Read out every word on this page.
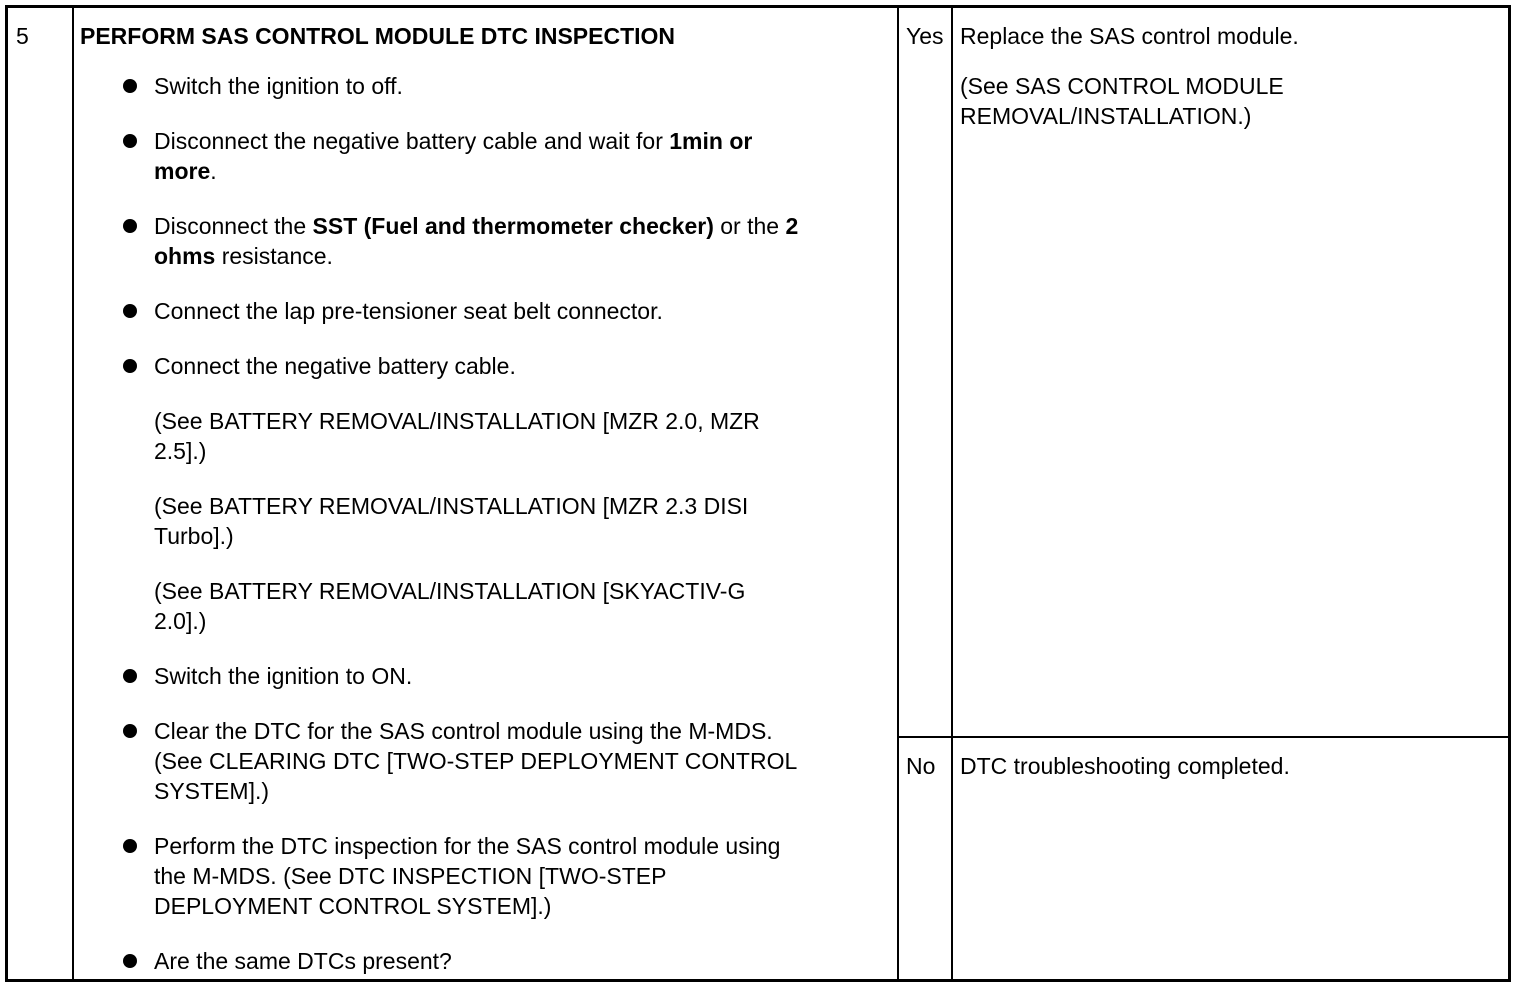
5 PERFORM SAS CONTROL MODULE DTC INSPECTION
Switch the ignition to off.
Disconnect the negative battery cable and wait for 1min or
more.
Disconnect the SST (Fuel and thermometer checker) or the 2
ohms resistance.
Connect the lap pre-tensioner seat belt connector.
Connect the negative battery cable.
(See BATTERY REMOVAL/INSTALLATION [MZR 2.0, MZR
2.5].)
(See BATTERY REMOVAL/INSTALLATION [MZR 2.3 DISI
Turbo].)
(See BATTERY REMOVAL/INSTALLATION [SKYACTIV-G
2.0].)
Switch the ignition to ON.
Clear the DTC for the SAS control module using the M-MDS.
(See CLEARING DTC [TWO-STEP DEPLOYMENT CONTROL
SYSTEM].)
Perform the DTC inspection for the SAS control module using
the M-MDS. (See DTC INSPECTION [TWO-STEP
DEPLOYMENT CONTROL SYSTEM].)
Are the same DTCs present?
Yes Replace the SAS control module.
(See SAS CONTROL MODULE
REMOVAL/INSTALLATION.)
No DTC troubleshooting completed.
